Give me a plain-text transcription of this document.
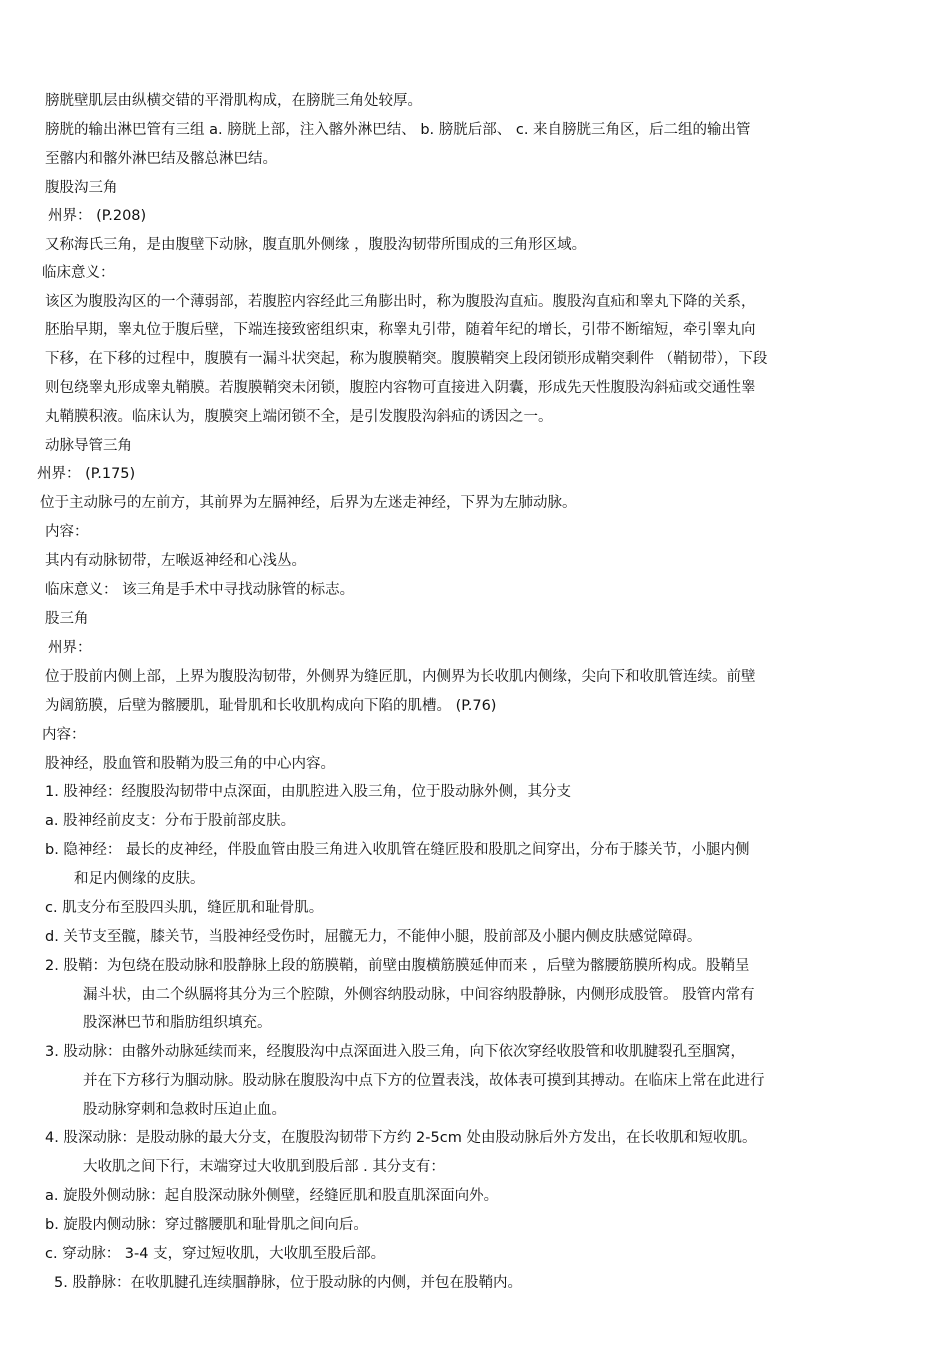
膀胱壁肌层由纵横交错的平滑肌构成，在膀胱三角处较厚。
膀胱的输出淋巴管有三组 a. 膀胱上部，注入髂外淋巴结、 b. 膀胱后部、 c. 来自膀胱三角区，后二组的输出管
至髂内和髂外淋巴结及髂总淋巴结。
腹股沟三角
州界： (P.208)
又称海氏三角，是由腹壁下动脉，腹直肌外侧缘 ，腹股沟韧带所围成的三角形区域。
临床意义：
该区为腹股沟区的一个薄弱部，若腹腔内容经此三角膨出时，称为腹股沟直疝。腹股沟直疝和睾丸下降的关系，
胚胎早期，睾丸位于腹后壁，下端连接致密组织束，称睾丸引带，随着年纪的增长，引带不断缩短，牵引睾丸向
下移，在下移的过程中，腹膜有一漏斗状突起，称为腹膜鞘突。腹膜鞘突上段闭锁形成鞘突剩件 （鞘韧带），下段
则包绕睾丸形成睾丸鞘膜。若腹膜鞘突未闭锁，腹腔内容物可直接进入阴囊，形成先天性腹股沟斜疝或交通性睾
丸鞘膜积液。临床认为，腹膜突上端闭锁不全，是引发腹股沟斜疝的诱因之一。
动脉导管三角
州界： (P.175)
位于主动脉弓的左前方，其前界为左膈神经，后界为左迷走神经，下界为左肺动脉。
内容：
其内有动脉韧带，左喉返神经和心浅丛。
临床意义： 该三角是手术中寻找动脉管的标志。
股三角
州界：
位于股前内侧上部，上界为腹股沟韧带，外侧界为缝匠肌，内侧界为长收肌内侧缘，尖向下和收肌管连续。前壁
为阔筋膜，后壁为髂腰肌，耻骨肌和长收肌构成向下陷的肌槽。 (P.76)
内容：
股神经，股血管和股鞘为股三角的中心内容。
1. 股神经：经腹股沟韧带中点深面，由肌腔进入股三角，位于股动脉外侧，其分支
a. 股神经前皮支：分布于股前部皮肤。
b. 隐神经： 最长的皮神经，伴股血管由股三角进入收肌管在缝匠股和股肌之间穿出，分布于膝关节，小腿内侧
和足内侧缘的皮肤。
c. 肌支分布至股四头肌，缝匠肌和耻骨肌。
d. 关节支至髋，膝关节，当股神经受伤时，屈髋无力，不能伸小腿，股前部及小腿内侧皮肤感觉障碍。
2. 股鞘：为包绕在股动脉和股静脉上段的筋膜鞘，前壁由腹横筋膜延伸而来 ，后壁为髂腰筋膜所构成。股鞘呈
漏斗状，由二个纵膈将其分为三个腔隙，外侧容纳股动脉，中间容纳股静脉，内侧形成股管。 股管内常有
股深淋巴节和脂肪组织填充。
3. 股动脉：由髂外动脉延续而来，经腹股沟中点深面进入股三角，向下依次穿经收股管和收肌腱裂孔至腘窝，
并在下方移行为腘动脉。股动脉在腹股沟中点下方的位置表浅，故体表可摸到其搏动。在临床上常在此进行
股动脉穿刺和急救时压迫止血。
4. 股深动脉：是股动脉的最大分支，在腹股沟韧带下方约 2-5cm 处由股动脉后外方发出，在长收肌和短收肌。
大收肌之间下行，末端穿过大收肌到股后部 . 其分支有：
a. 旋股外侧动脉：起自股深动脉外侧壁，经缝匠肌和股直肌深面向外。
b. 旋股内侧动脉：穿过髂腰肌和耻骨肌之间向后。
c. 穿动脉： 3-4 支，穿过短收肌，大收肌至股后部。
5. 股静脉：在收肌腱孔连续腘静脉，位于股动脉的内侧，并包在股鞘内。
